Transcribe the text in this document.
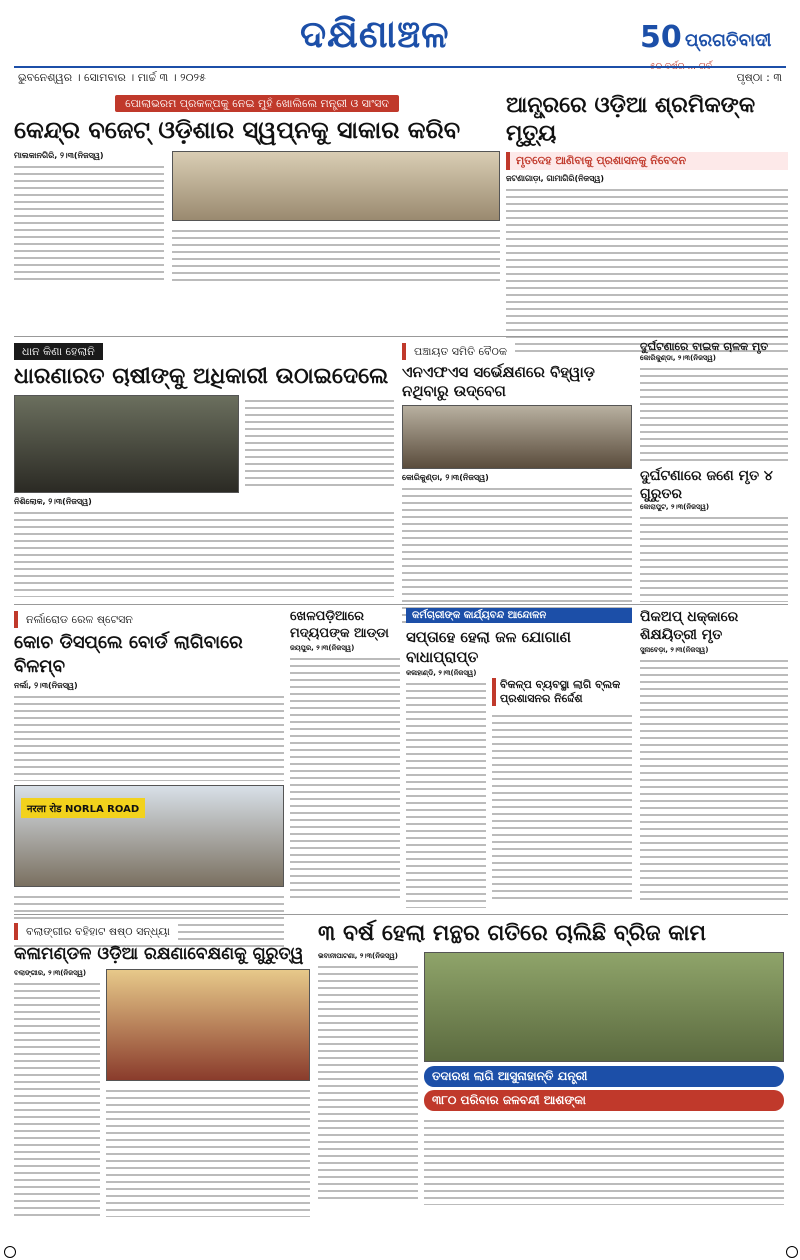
ଦକ୍ଷିଣାଞ୍ଚଳ	50 ପ୍ରଗତିବାଦୀ
୫୦ ବର୍ଷର ... ଗର୍ବ
ଭୁବନେଶ୍ୱର । ସୋମବାର । ମାର୍ଚ୍ଚ ୩ । ୨୦୨୫	ପୃଷ୍ଠା : ୩
ପୋଲାଭରମ ପ୍ରକଳ୍ପକୁ ନେଇ ମୁହଁ ଖୋଲିଲେ ମନ୍ତ୍ରୀ ଓ ସାଂସଦ
କେନ୍ଦ୍ର ବଜେଟ୍ ଓଡ଼ିଶାର ସ୍ୱପ୍ନକୁ ସାକାର କରିବ
ମାଲକାନଗିରି, ୨।୩(ନିଜସ୍ୱ)
ଆନ୍ଧ୍ରରେ ଓଡ଼ିଆ ଶ୍ରମିକଙ୍କ ମୃତ୍ୟୁ
ମୃତଦେହ ଆଣିବାକୁ ପ୍ରଶାସନକୁ ନିବେଦନ
ଜଟଣାଗାଡ଼ା, ଗାମାଗିରି(ନିଜସ୍ୱ)
ଧାନ କିଣା ହେଲାନି
ଧାରଣାରତ ଚାଷୀଙ୍କୁ ଅଧିକାରୀ ଉଠାଇଦେଲେ
ନିଶିଲୋକ, ୨।୩(ନିଜସ୍ୱ)
ପଞ୍ଚାୟତ ସମିତି ବୈଠକ
ଏନଏଫଏସ ସର୍ଭେକ୍ଷଣରେ ବିହ୍ୱାଡ଼ ନଥିବାରୁ ଉଦ୍‌ବେଗ
କୋରିକୁଣ୍ଡା, ୨।୩(ନିଜସ୍ୱ)
ଦୁର୍ଘଟଣାରେ ବାଇକ ଚାଳକ ମୃତ
କୋରିକୁଣ୍ଡା, ୨।୩(ନିଜସ୍ୱ)
ଦୁର୍ଘଟଣାରେ ଜଣେ ମୃତ ୪ ଗୁରୁତର
କୋରାପୁଟ, ୨।୩(ନିଜସ୍ୱ)
ନର୍ଲାରୋଡ ରେଳ ଷ୍ଟେସନ
କୋଚ ଡିସପ୍ଲେ ବୋର୍ଡ ଲାଗିବାରେ ବିଳମ୍ବ
ନର୍ଲା, ୨।୩(ନିଜସ୍ୱ)
नरला रोड NORLA ROAD
ଖେଳପଡ଼ିଆରେ ମଦ୍ୟପଙ୍କ ଆଡ୍ଡା
ଜୟପୁର, ୨।୩(ନିଜସ୍ୱ)
କର୍ମଚାରୀଙ୍କ କାର୍ଯ୍ୟବନ୍ଦ ଆନ୍ଦୋଳନ
ସପ୍ତାହେ ହେଲା ଜଳ ଯୋଗାଣ ବାଧାପ୍ରାପ୍ତ
କଳାହାଣ୍ଡି, ୨।୩(ନିଜସ୍ୱ)
ବିକଳ୍ପ ବ୍ୟବସ୍ଥା ଲାଗି ବ୍ଲକ ପ୍ରଶାସନର ନିର୍ଦ୍ଦେଶ
ପିକଅପ୍ ଧକ୍କାରେ ଶିକ୍ଷୟିତ୍ରୀ ମୃତ
ସୁନାବେଡ଼ା, ୨।୩(ନିଜସ୍ୱ)
ବଲାଙ୍ଗୀର ବହିହାଟ ଷଷ୍ଠ ସନ୍ଧ୍ୟା
କଳାମଣ୍ଡଳ ଓଡ଼ିଆ ରକ୍ଷଣାବେକ୍ଷଣକୁ ଗୁରୁତ୍ୱ
ବଲାଙ୍ଗୀର, ୨।୩(ନିଜସ୍ୱ)
୩ ବର୍ଷ ହେଲା ମନ୍ଥର ଗତିରେ ଚାଲିଛି ବ୍ରିଜ କାମ
ଭବାନୀପାଟଣା, ୨।୩(ନିଜସ୍ୱ)
ତଦାରଖ ଲାଗି ଆସୁନାହାନ୍ତି ଯନ୍ତ୍ରୀ
୩୮୦ ପରିବାର ଜଳବନ୍ଦୀ ଆଶଙ୍କା
